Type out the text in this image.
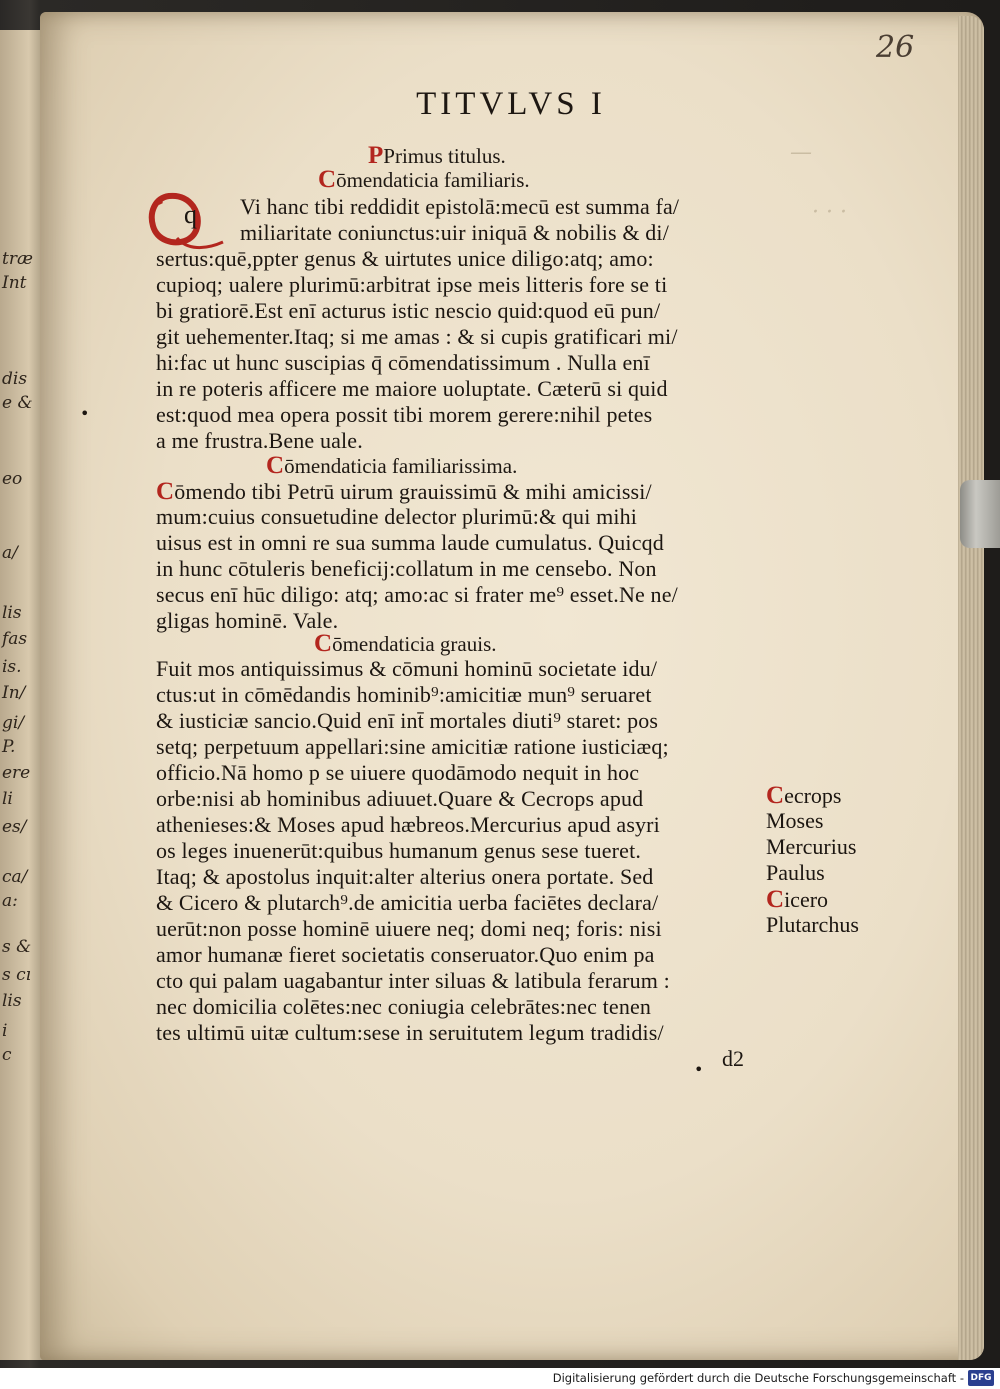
træ
Int
dis
e &
eo
a/
lis
fas
is.
In/
gi/
P.
ere
li
es/
ca/
a:
s &
s cı
lis
i
c
—
· · ·
26
TITVLVS I
PPrimus titulus.
Cōmendaticia familiaris.
q Vi hanc tibi reddidit epistolā:mecū est summa fa/
miliaritate coniunctus:uir iniquā & nobilis & di/
sertus:quē,ppter genus & uirtutes unice diligo:atq; amo:
cupioq; ualere plurimū:arbitrat ipse meis litteris fore se ti
bi gratiorē.Est enī acturus istic nescio quid:quod eū pun/
git uehementer.Itaq; si me amas : & si cupis gratificari mi/
hi:fac ut hunc suscipias q̄ cōmendatissimum . Nulla enī
in re poteris afficere me maiore uoluptate. Cæterū si quid
est:quod mea opera possit tibi morem gerere:nihil petes
a me frustra.Bene uale.
Cōmendaticia familiarissima.
Cōmendo tibi Petrū uirum grauissimū & mihi amicissi/
mum:cuius consuetudine delector plurimū:& qui mihi
uisus est in omni re sua summa laude cumulatus. Quicqd
in hunc cōtuleris beneficij:collatum in me censebo. Non
secus enī hūc diligo: atq; amo:ac si frater me⁹ esset.Ne ne/
gligas hominē. Vale.
Cōmendaticia grauis.
Fuit mos antiquissimus & cōmuni hominū societate idu/
ctus:ut in cōmēdandis hominib⁹:amicitiæ mun⁹ seruaret
& iusticiæ sancio.Quid enī int̄ mortales diuti⁹ staret: pos
setq; perpetuum appellari:sine amicitiæ ratione iusticiæq;
officio.Nā homo p se uiuere quodāmodo nequit in hoc
orbe:nisi ab hominibus adiuuet.Quare & Cecrops apud
athenieses:& Moses apud hæbreos.Mercurius apud asyri
os leges inuenerūt:quibus humanum genus sese tueret.
Itaq; & apostolus inquit:alter alterius onera portate. Sed
& Cicero & plutarch⁹.de amicitia uerba faciētes declara/
uerūt:non posse hominē uiuere neq; domi neq; foris: nisi
amor humanæ fieret societatis conseruator.Quo enim pa
cto qui palam uagabantur inter siluas & latibula ferarum :
nec domicilia colētes:nec coniugia celebrātes:nec tenen
tes ultimū uitæ cultum:sese in seruitutem legum tradidis/
Cecrops
Moses
Mercurius
Paulus
Cicero
Plutarchus
•
• d2
Digitalisierung gefördert durch die Deutsche Forschungsgemeinschaft - DFG
